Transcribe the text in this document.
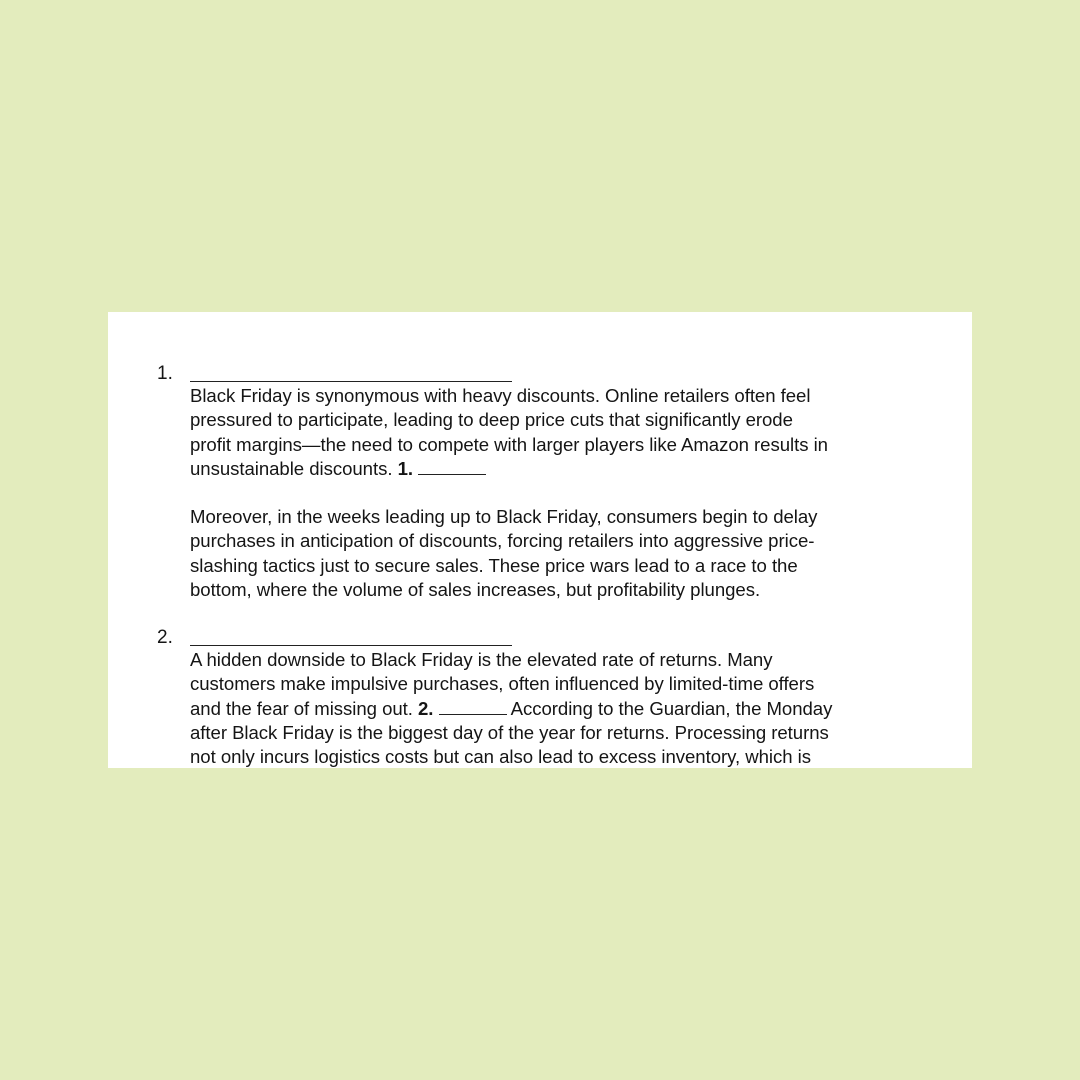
1.

Black Friday is synonymous with heavy discounts. Online retailers often feel
pressured to participate, leading to deep price cuts that significantly erode
profit margins—the need to compete with larger players like Amazon results in
unsustainable discounts. 1.

Moreover, in the weeks leading up to Black Friday, consumers begin to delay
purchases in anticipation of discounts, forcing retailers into aggressive price-
slashing tactics just to secure sales. These price wars lead to a race to the
bottom, where the volume of sales increases, but profitability plunges.

2.

A hidden downside to Black Friday is the elevated rate of returns. Many
customers make impulsive purchases, often influenced by limited-time offers
and the fear of missing out. 2.	According to the Guardian, the Monday
after Black Friday is the biggest day of the year for returns. Processing returns
not only incurs logistics costs but can also lead to excess inventory, which is
